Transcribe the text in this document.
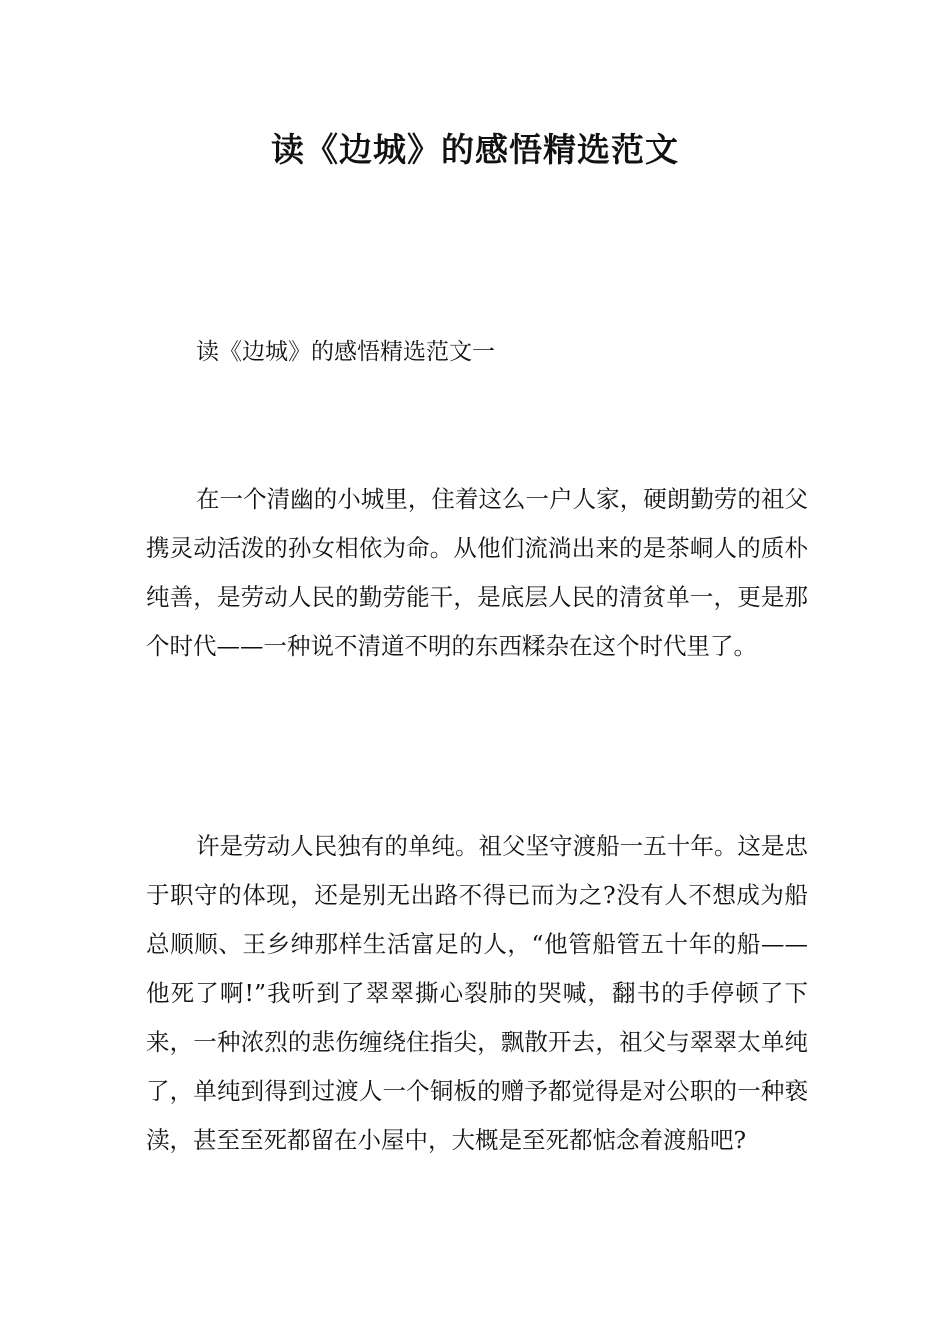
读《边城》的感悟精选范文

读《边城》的感悟精选范文一

在一个清幽的小城里，住着这么一户人家，硬朗勤劳的祖父携灵动活泼的孙女相依为命。从他们流淌出来的是茶峒人的质朴纯善，是劳动人民的勤劳能干，是底层人民的清贫单一，更是那个时代——一种说不清道不明的东西糅杂在这个时代里了。

许是劳动人民独有的单纯。祖父坚守渡船一五十年。这是忠于职守的体现，还是别无出路不得已而为之?没有人不想成为船总顺顺、王乡绅那样生活富足的人，“他管船管五十年的船——他死了啊!”我听到了翠翠撕心裂肺的哭喊，翻书的手停顿了下来，一种浓烈的悲伤缠绕住指尖，飘散开去，祖父与翠翠太单纯了，单纯到得到过渡人一个铜板的赠予都觉得是对公职的一种亵渎，甚至至死都留在小屋中，大概是至死都惦念着渡船吧?
